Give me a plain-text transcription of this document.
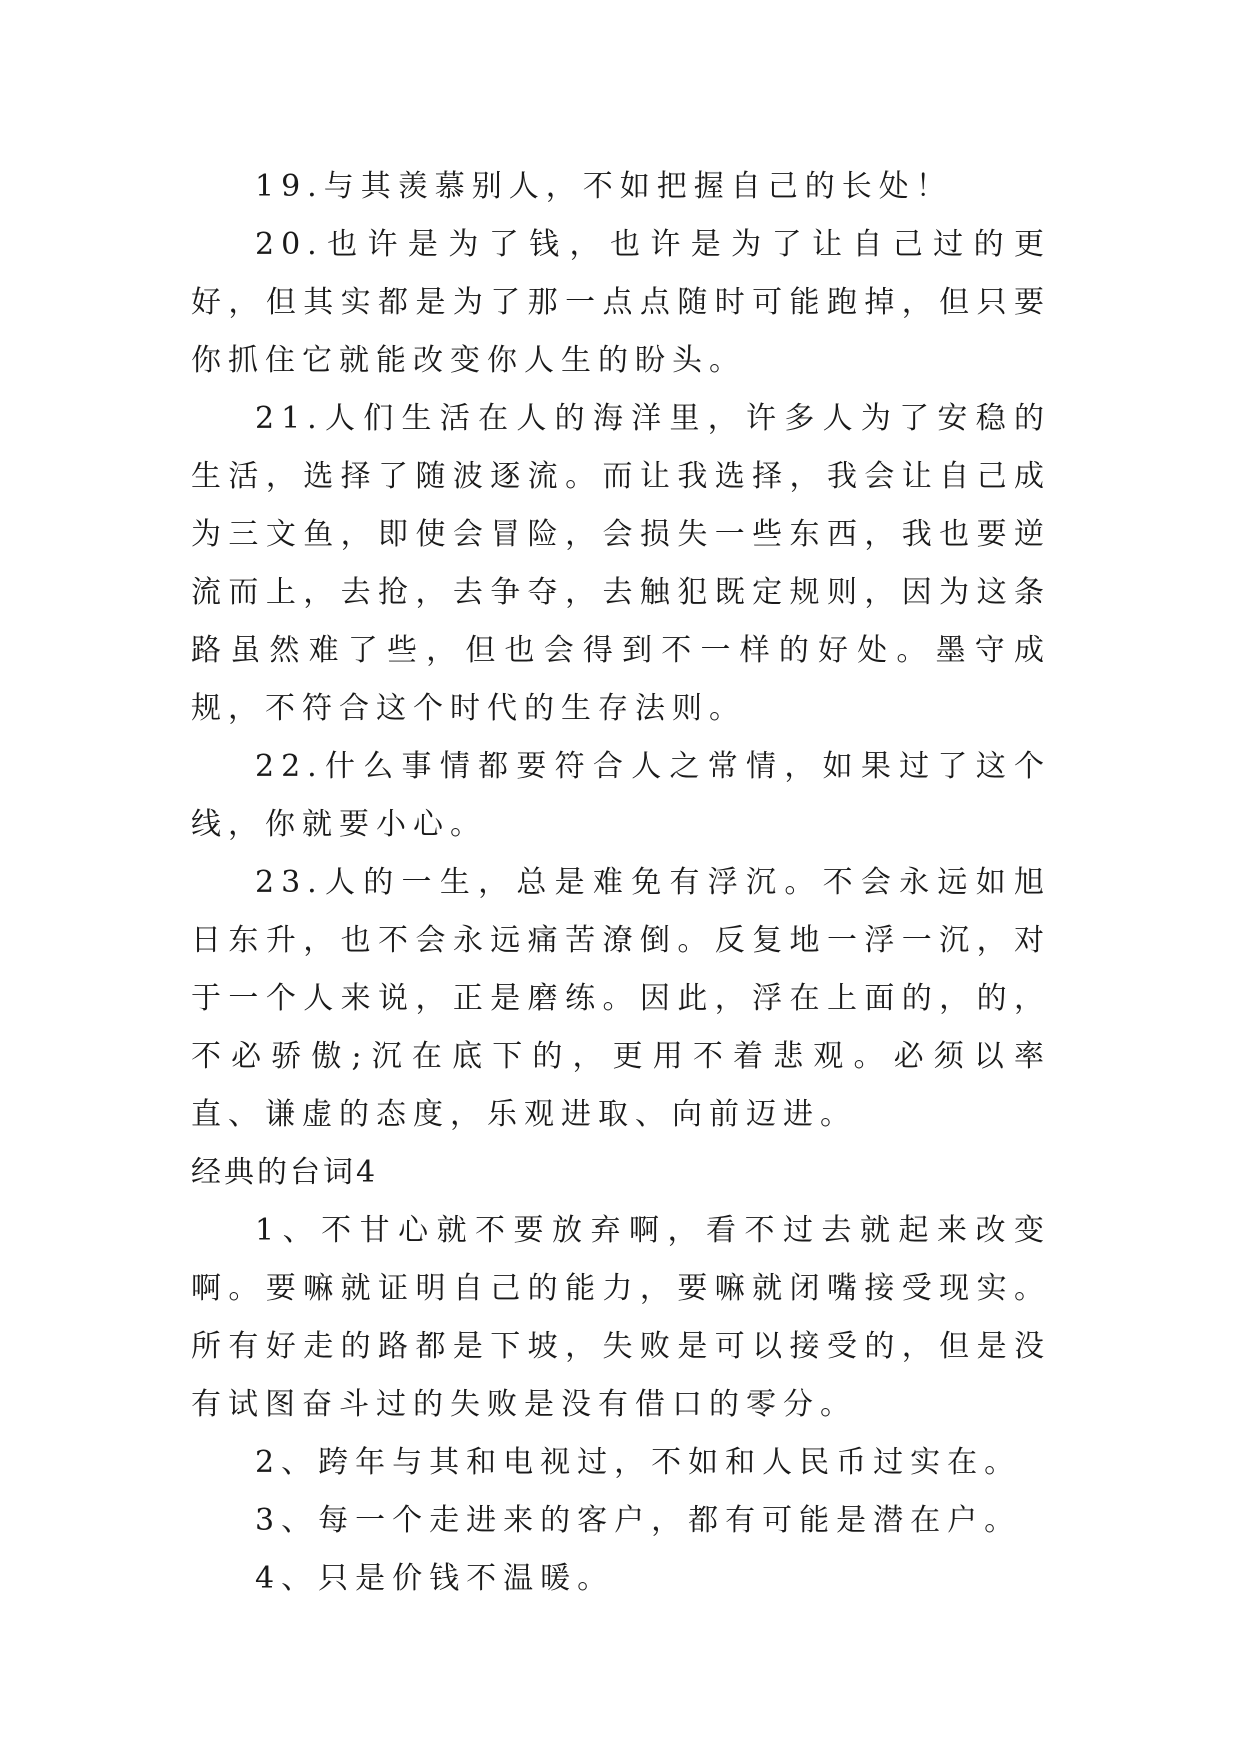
19.与其羡慕别人，不如把握自己的长处！

20.也许是为了钱，也许是为了让自己过的更好，但其实都是为了那一点点随时可能跑掉，但只要你抓住它就能改变你人生的盼头。

21.人们生活在人的海洋里，许多人为了安稳的生活，选择了随波逐流。而让我选择，我会让自己成为三文鱼，即使会冒险，会损失一些东西，我也要逆流而上，去抢，去争夺，去触犯既定规则，因为这条路虽然难了些，但也会得到不一样的好处。墨守成规，不符合这个时代的生存法则。

22.什么事情都要符合人之常情，如果过了这个线，你就要小心。

23.人的一生，总是难免有浮沉。不会永远如旭日东升，也不会永远痛苦潦倒。反复地一浮一沉，对于一个人来说，正是磨练。因此，浮在上面的，的，不必骄傲;沉在底下的，更用不着悲观。必须以率直、谦虚的态度，乐观进取、向前迈进。

经典的台词4

1、不甘心就不要放弃啊，看不过去就起来改变啊。要嘛就证明自己的能力，要嘛就闭嘴接受现实。所有好走的路都是下坡，失败是可以接受的，但是没有试图奋斗过的失败是没有借口的零分。

2、跨年与其和电视过，不如和人民币过实在。

3、每一个走进来的客户，都有可能是潜在户。

4、只是价钱不温暖。
